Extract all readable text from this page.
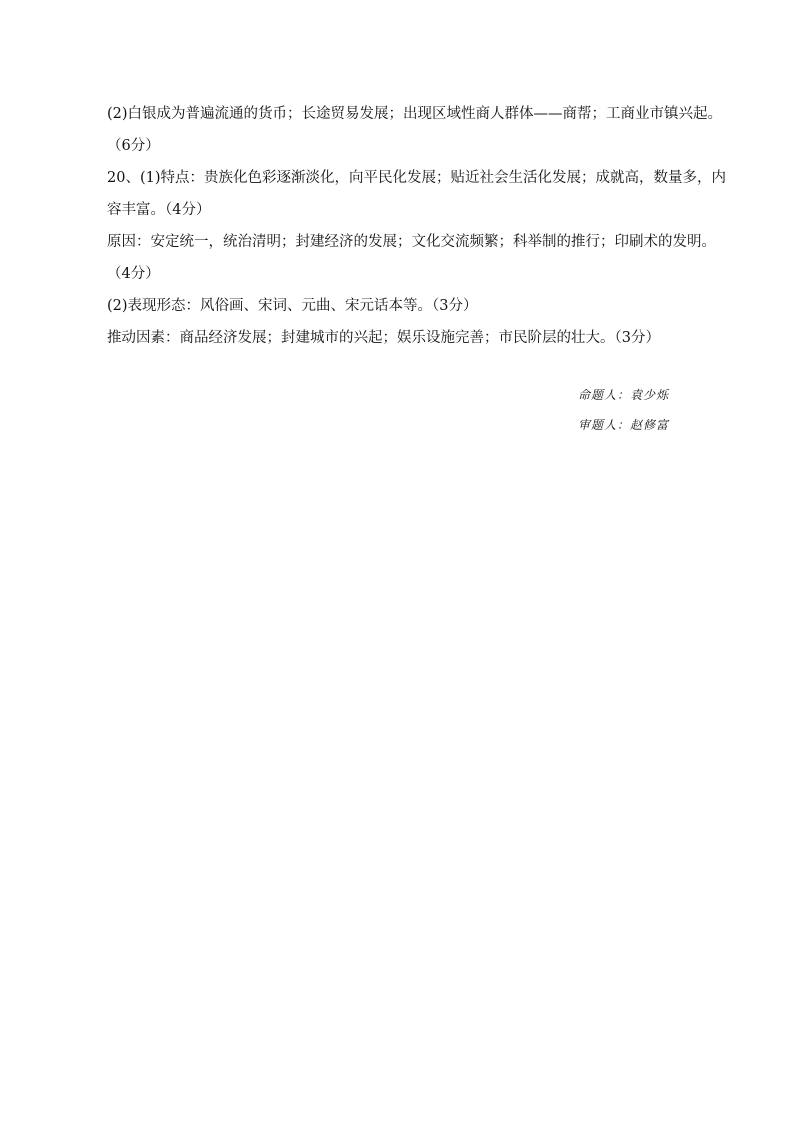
(2)白银成为普遍流通的货币；长途贸易发展；出现区域性商人群体——商帮；工商业市镇兴起。
（6分）
20、(1)特点：贵族化色彩逐渐淡化，向平民化发展；贴近社会生活化发展；成就高，数量多，内
容丰富。（4分）
原因：安定统一，统治清明；封建经济的发展；文化交流频繁；科举制的推行；印刷术的发明。
（4分）
(2)表现形态：风俗画、宋词、元曲、宋元话本等。（3分）
推动因素：商品经济发展；封建城市的兴起；娱乐设施完善；市民阶层的壮大。（3分）
命题人：袁少烁
审题人：赵修富
